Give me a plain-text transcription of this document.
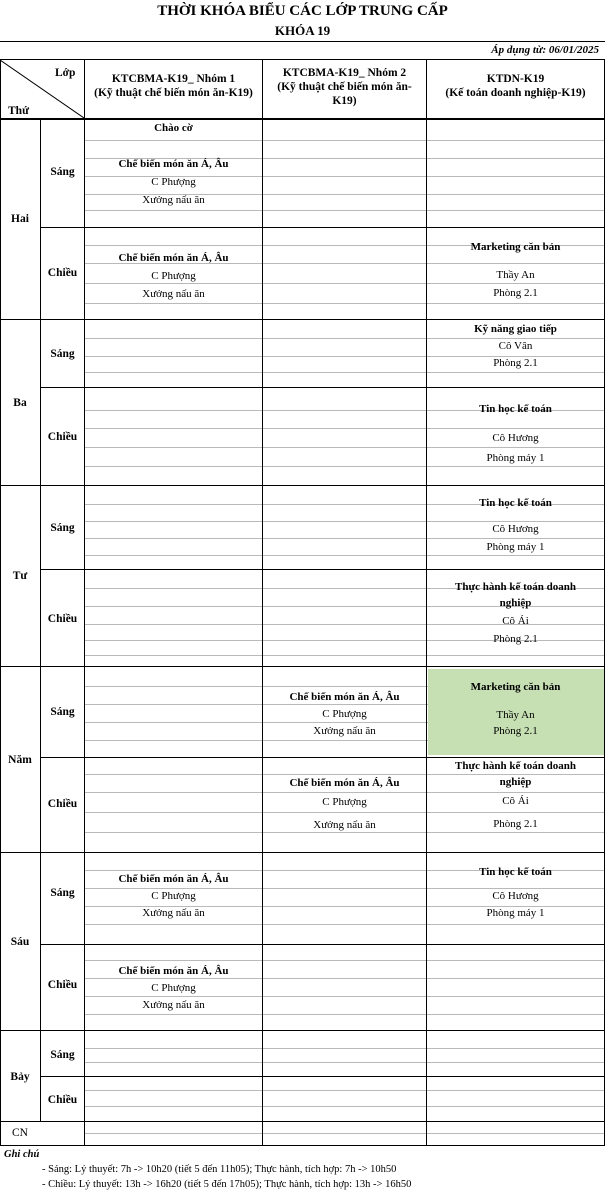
THỜI KHÓA BIỂU CÁC LỚP TRUNG CẤP
KHÓA 19
Áp dụng từ: 06/01/2025
Lớp
Thứ
KTCBMA-K19_ Nhóm 1
(Kỹ thuật chế biến món ăn-K19)
KTCBMA-K19_ Nhóm 2
(Kỹ thuật chế biến món ăn-
K19)
KTDN-K19
(Kế toán doanh nghiệp-K19)
Hai
Ba
Tư
Năm
Sáu
Bảy
CN
Sáng
Chiều
Sáng
Chiều
Sáng
Chiều
Sáng
Chiều
Sáng
Chiều
Sáng
Chiều
Chào cờ
Chế biến món ăn Á, Âu
C Phượng
Xưởng nấu ăn
Chế biến món ăn Á, Âu
C Phượng
Xưởng nấu ăn
Marketing căn bản
Thầy An
Phòng 2.1
Kỹ năng giao tiếp
Cô Vân
Phòng 2.1
Tin học kế toán
Cô Hương
Phòng máy 1
Tin học kế toán
Cô Hương
Phòng máy 1
Thực hành kế toán doanh
nghiệp
Cô Ái
Phòng 2.1
Chế biến món ăn Á, Âu
C Phượng
Xưởng nấu ăn
Marketing căn bản
Thầy An
Phòng 2.1
Chế biến món ăn Á, Âu
C Phượng
Xưởng nấu ăn
Thực hành kế toán doanh
nghiệp
Cô Ái
Phòng 2.1
Chế biến món ăn Á, Âu
C Phượng
Xưởng nấu ăn
Tin học kế toán
Cô Hương
Phòng máy 1
Chế biến món ăn Á, Âu
C Phượng
Xưởng nấu ăn
Ghi chú
- Sáng: Lý thuyết: 7h -> 10h20 (tiết 5 đến 11h05); Thực hành, tích hợp: 7h -> 10h50
- Chiều: Lý thuyết: 13h -> 16h20 (tiết 5 đến 17h05); Thực hành, tích hợp: 13h -> 16h50
